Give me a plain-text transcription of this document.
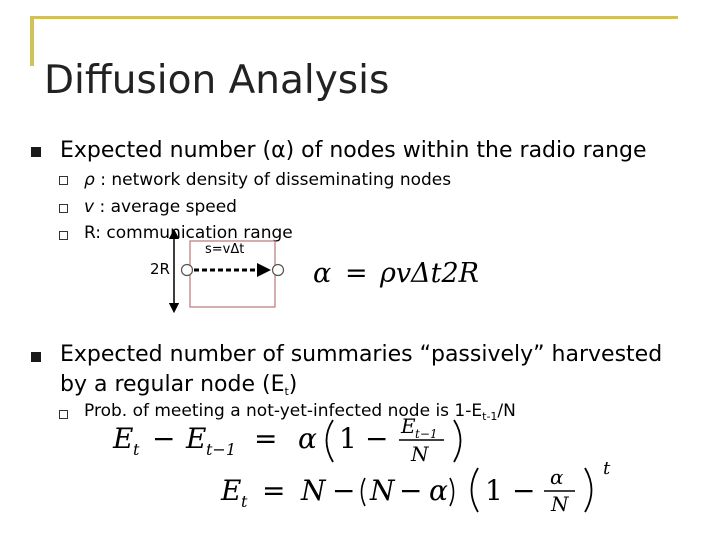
Diffusion Analysis
Expected number (α) of nodes within the radio range
ρ : network density of disseminating nodes
v : average speed
R: communication range
2R
s=vΔt
α = ρvΔt2R
Expected number of summaries “passively” harvested
by a regular node $(E_t)$
Prob. of meeting a not-yet-infected node is $1-E_{t-1}/N$
E t − E t−1 = α 1 − E t−1
N
E t = N − N − α 1 − α
N
t
